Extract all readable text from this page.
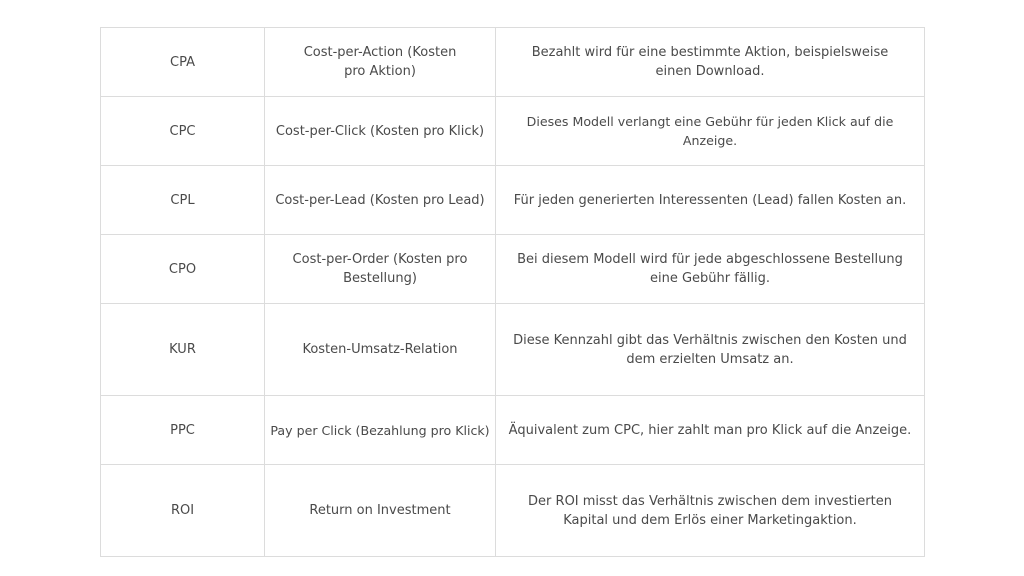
CPA	Cost-per-Action (Kosten pro Aktion)	Bezahlt wird für eine bestimmte Aktion, beispielsweise einen Download.
CPC	Cost-per-Click (Kosten pro Klick)	Dieses Modell verlangt eine Gebühr für jeden Klick auf die Anzeige.
CPL	Cost-per-Lead (Kosten pro Lead)	Für jeden generierten Interessenten (Lead) fallen Kosten an.
CPO	Cost-per-Order (Kosten pro Bestellung)	Bei diesem Modell wird für jede abgeschlossene Bestellung eine Gebühr fällig.
KUR	Kosten-Umsatz-Relation	Diese Kennzahl gibt das Verhältnis zwischen den Kosten und dem erzielten Umsatz an.
PPC	Pay per Click (Bezahlung pro Klick)	Äquivalent zum CPC, hier zahlt man pro Klick auf die Anzeige.
ROI	Return on Investment	Der ROI misst das Verhältnis zwischen dem investierten Kapital und dem Erlös einer Marketingaktion.
